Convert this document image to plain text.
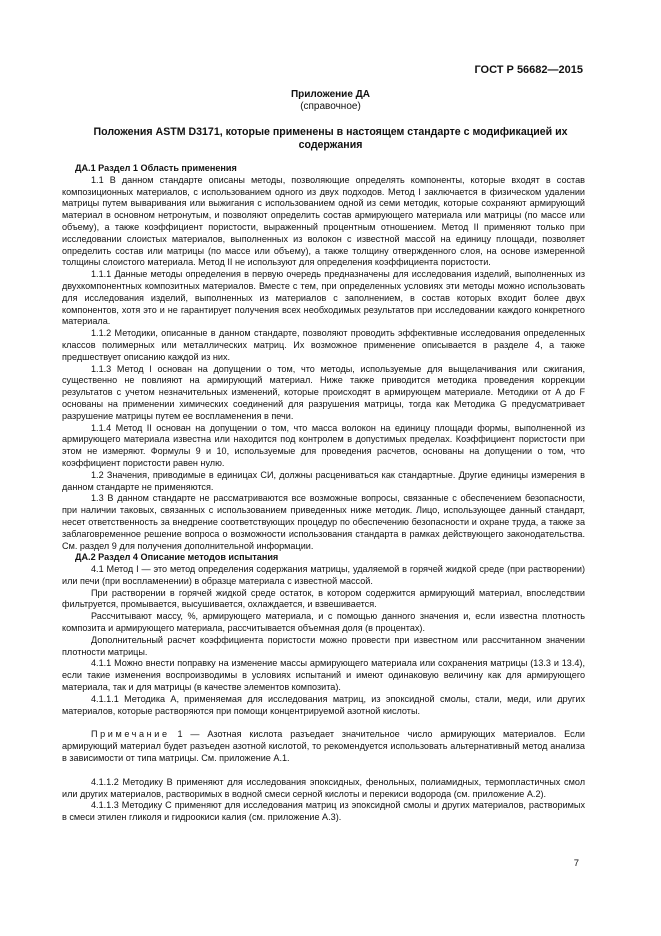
ГОСТ Р 56682—2015
Приложение ДА
(справочное)
Положения ASTM D3171, которые применены в настоящем стандарте с модификацией их содержания

ДА.1 Раздел 1 Область применения

1.1 В данном стандарте описаны методы, позволяющие определять компоненты, которые входят в состав композиционных материалов, с использованием одного из двух подходов. Метод I заключается в физическом удалении матрицы путем вываривания или выжигания с использованием одной из семи методик, которые сохраняют армирующий материал в основном нетронутым, и позволяют определить состав армирующего материала или матрицы (по массе или объему), а также коэффициент пористости, выраженный процентным отношением. Метод II применяют только при исследовании слоистых материалов, выполненных из волокон с известной массой на единицу площади, позволяет определить состав или матрицы (по массе или объему), а также толщину отвержденного слоя, на основе измеренной толщины слоистого материала. Метод II не используют для определения коэффициента пористости.

1.1.1 Данные методы определения в первую очередь предназначены для исследования изделий, выполненных из двухкомпонентных композитных материалов. Вместе с тем, при определенных условиях эти методы можно использовать для исследования изделий, выполненных из материалов с заполнением, в состав которых входит более двух компонентов, хотя это и не гарантирует получения всех необходимых результатов при исследовании каждого конкретного материала.

1.1.2 Методики, описанные в данном стандарте, позволяют проводить эффективные исследования определенных классов полимерных или металлических матриц. Их возможное применение описывается в разделе 4, а также предшествует описанию каждой из них.

1.1.3 Метод I основан на допущении о том, что методы, используемые для выщелачивания или сжигания, существенно не повлияют на армирующий материал. Ниже также приводится методика проведения коррекции результатов с учетом незначительных изменений, которые происходят в армирующем материале. Методики от A до F основаны на применении химических соединений для разрушения матрицы, тогда как Методика G предусматривает разрушение матрицы путем ее воспламенения в печи.

1.1.4 Метод II основан на допущении о том, что масса волокон на единицу площади формы, выполненной из армирующего материала известна или находится под контролем в допустимых пределах. Коэффициент пористости при этом не измеряют. Формулы 9 и 10, используемые для проведения расчетов, основаны на допущении о том, что коэффициент пористости равен нулю.

1.2 Значения, приводимые в единицах СИ, должны расцениваться как стандартные. Другие единицы измерения в данном стандарте не применяются.

1.3 В данном стандарте не рассматриваются все возможные вопросы, связанные с обеспечением безопасности, при наличии таковых, связанных с использованием приведенных ниже методик. Лицо, использующее данный стандарт, несет ответственность за внедрение соответствующих процедур по обеспечению безопасности и охране труда, а также за заблаговременное решение вопроса о возможности использования стандарта в рамках действующего законодательства. См. раздел 9 для получения дополнительной информации.

ДА.2 Раздел 4 Описание методов испытания

4.1 Метод I — это метод определения содержания матрицы, удаляемой в горячей жидкой среде (при растворении) или печи (при воспламенении) в образце материала с известной массой.

При растворении в горячей жидкой среде остаток, в котором содержится армирующий материал, впоследствии фильтруется, промывается, высушивается, охлаждается, и взвешивается.

Рассчитывают массу, %, армирующего материала, и с помощью данного значения и, если известна плотность композита и армирующего материала, рассчитывается объемная доля (в процентах).

Дополнительный расчет коэффициента пористости можно провести при известном или рассчитанном значении плотности матрицы.

4.1.1 Можно внести поправку на изменение массы армирующего материала или сохранения матрицы (13.3 и 13.4), если такие изменения воспроизводимы в условиях испытаний и имеют одинаковую величину как для армирующего материала, так и для матрицы (в качестве элементов композита).

4.1.1.1 Методика A, применяемая для исследования матриц, из эпоксидной смолы, стали, меди, или других материалов, которые растворяются при помощи концентрируемой азотной кислоты.

Примечание 1 — Азотная кислота разъедает значительное число армирующих материалов. Если армирующий материал будет разъеден азотной кислотой, то рекомендуется использовать альтернативный метод анализа в зависимости от типа матрицы. См. приложение А.1.

4.1.1.2 Методику B применяют для исследования эпоксидных, фенольных, полиамидных, термопластичных смол или других материалов, растворимых в водной смеси серной кислоты и перекиси водорода (см. приложение А.2).

4.1.1.3 Методику C применяют для исследования матриц из эпоксидной смолы и других материалов, растворимых в смеси этилен гликоля и гидроокиси калия (см. приложение А.3).

7
